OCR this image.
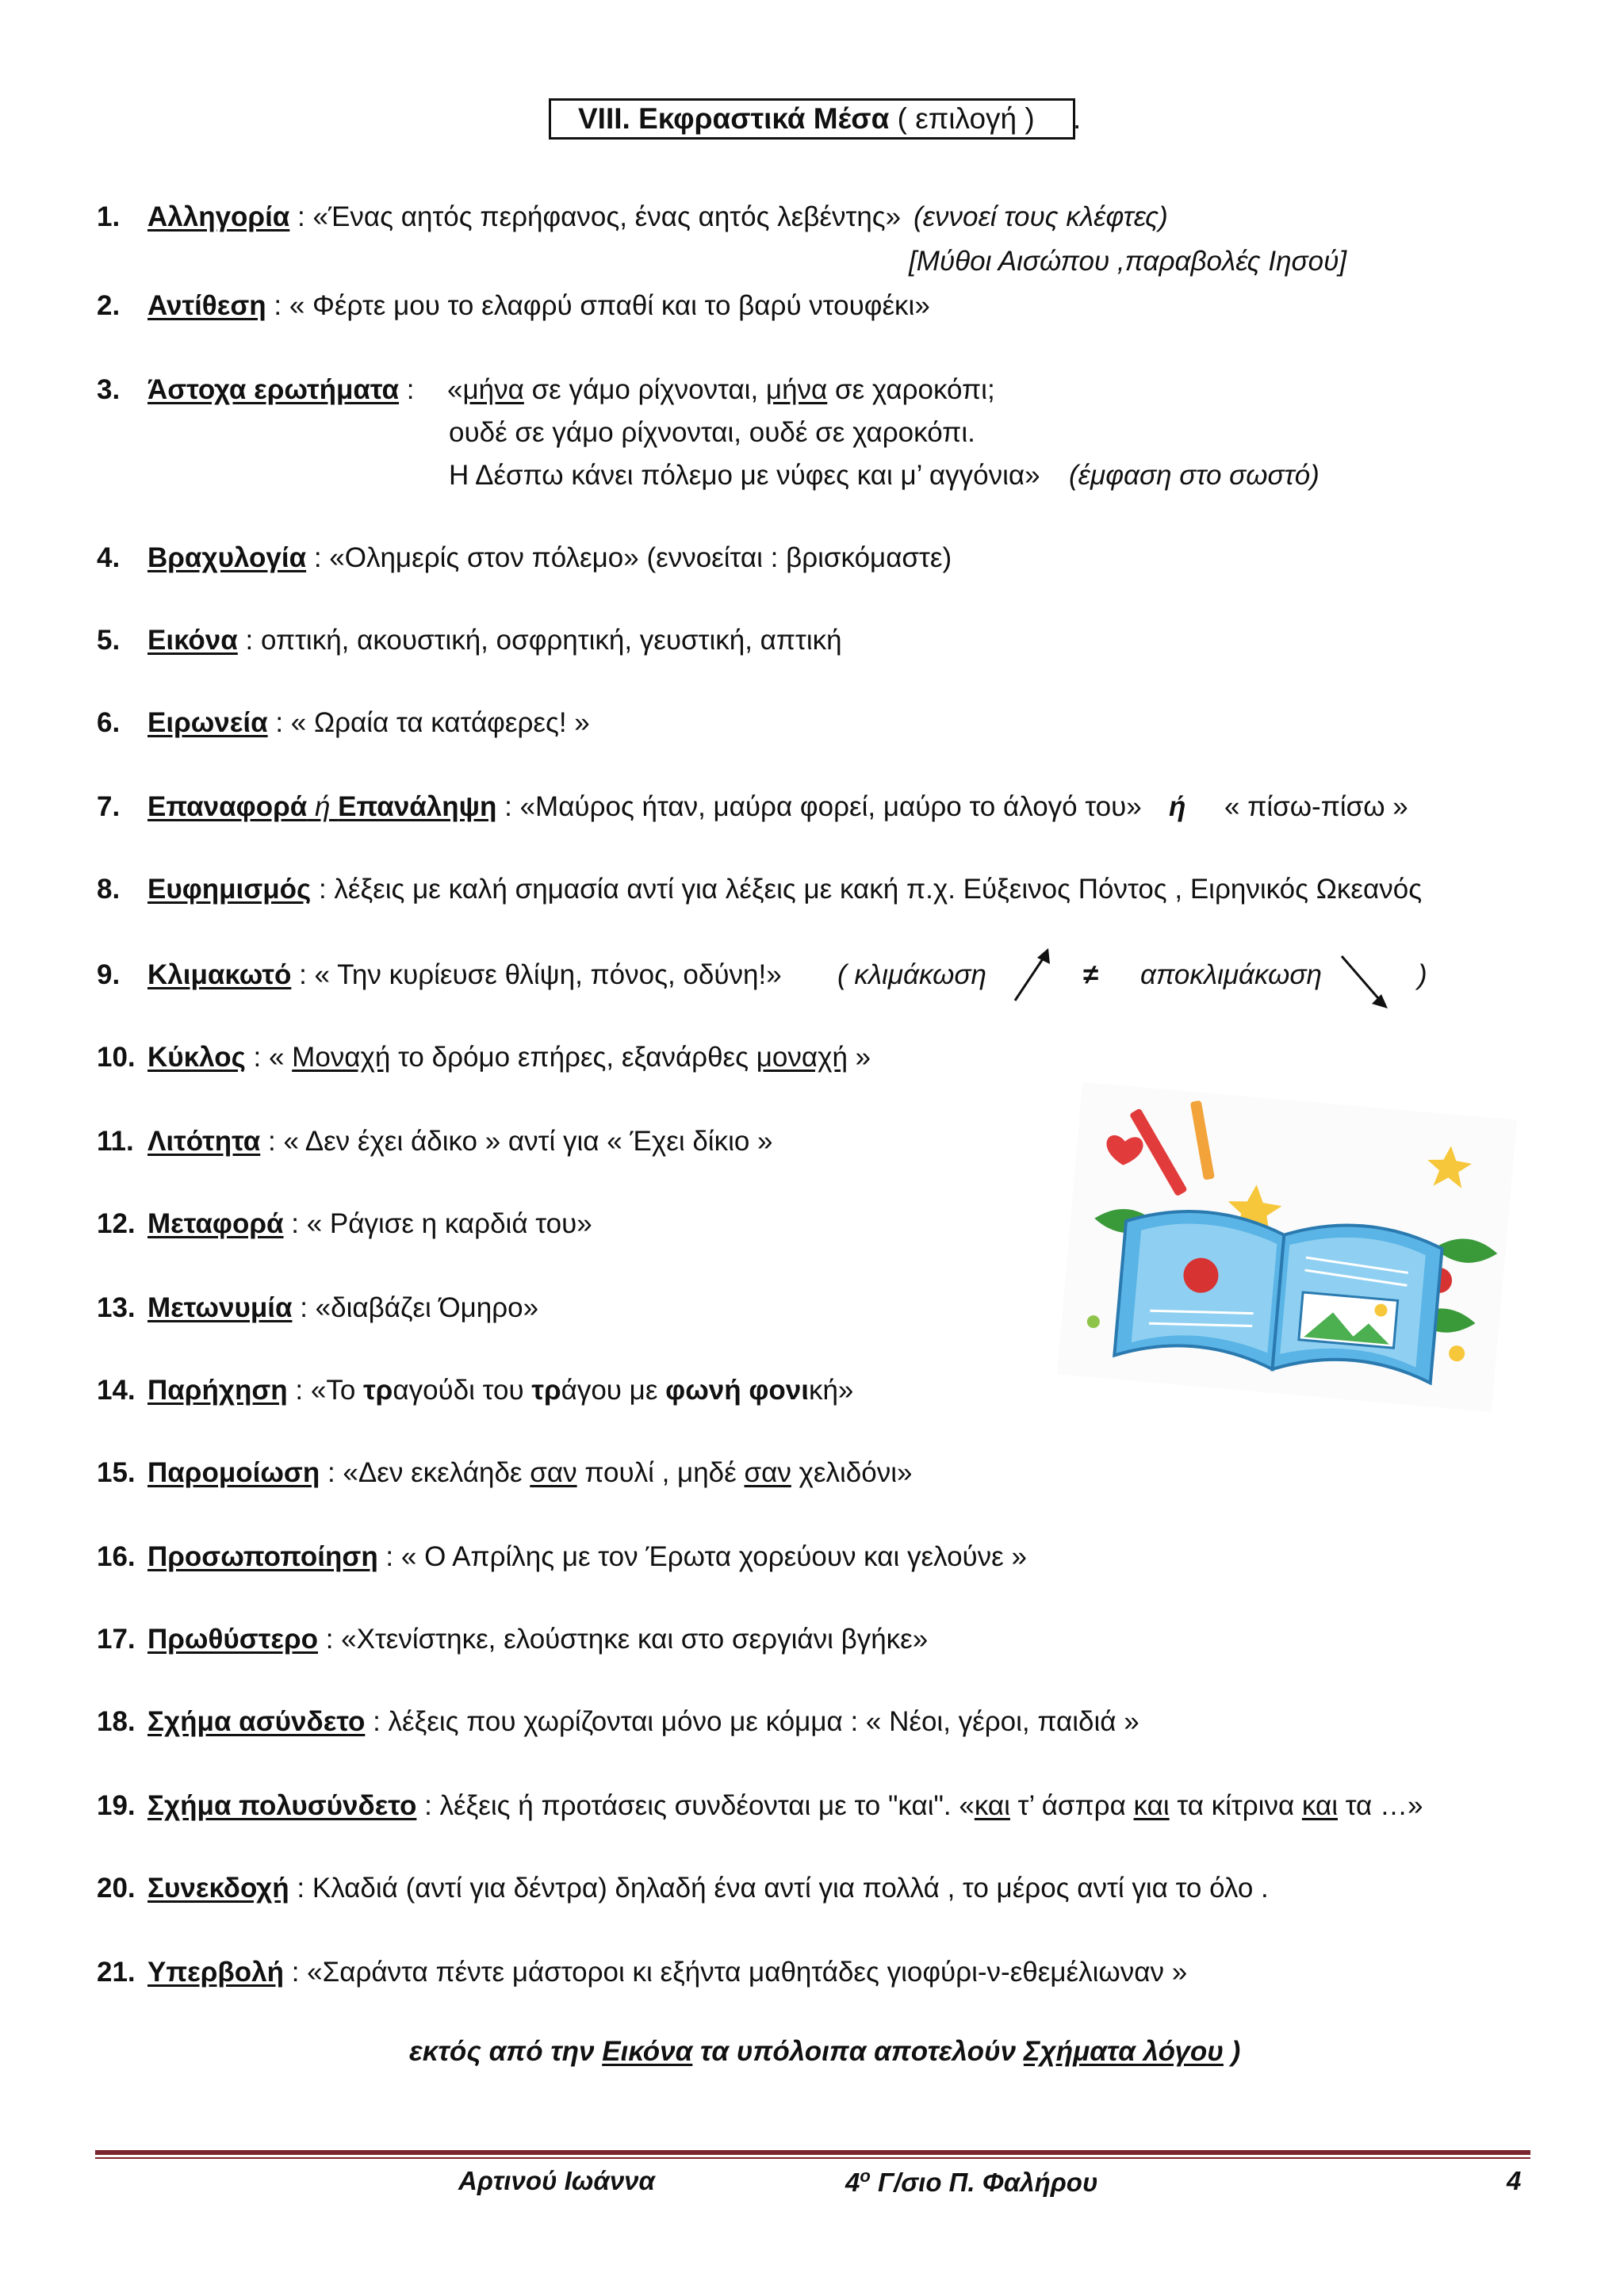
VIII. Εκφραστικά Μέσα ( επιλογή ) .
1. Αλληγορία : «Ένας αητός περήφανος, ένας αητός λεβέντης» (εννοεί τους κλέφτες)
[Μύθοι Αισώπου ,παραβολές Ιησού]
2. Αντίθεση : « Φέρτε μου το ελαφρύ σπαθί και το βαρύ ντουφέκι»
3. Άστοχα ερωτήματα : «μήνα σε γάμο ρίχνονται, μήνα σε χαροκόπι;
ουδέ σε γάμο ρίχνονται, ουδέ σε χαροκόπι.
Η Δέσπω κάνει πόλεμο με νύφες και μ’ αγγόνια» (έμφαση στο σωστό)
4. Βραχυλογία : «Ολημερίς στον πόλεμο» (εννοείται : βρισκόμαστε)
5. Εικόνα : οπτική, ακουστική, οσφρητική, γευστική, απτική
6. Ειρωνεία : « Ωραία τα κατάφερες! »
7. Επαναφορά ή Επανάληψη : «Μαύρος ήταν, μαύρα φορεί, μαύρο το άλογό του» ή « πίσω-πίσω »
8. Ευφημισμός : λέξεις με καλή σημασία αντί για λέξεις με κακή π.χ. Εύξεινος Πόντος , Ειρηνικός Ωκεανός
9. Κλιμακωτό : « Την κυρίευσε θλίψη, πόνος, οδύνη!» ( κλιμάκωση	≠ αποκλιμάκωση	)
10. Κύκλος : « Μοναχή το δρόμο επήρες, εξανάρθες μοναχή »
11. Λιτότητα : « Δεν έχει άδικο » αντί για « Έχει δίκιο »
12. Μεταφορά : « Ράγισε η καρδιά του»
13. Μετωνυμία : «διαβάζει Όμηρο»
14. Παρήχηση : «Το τραγούδι του τράγου με φωνή φονική»
15. Παρομοίωση : «Δεν εκελάηδε σαν πουλί , μηδέ σαν χελιδόνι»
16. Προσωποποίηση : « Ο Απρίλης με τον Έρωτα χορεύουν και γελούνε »
17. Πρωθύστερο : «Χτενίστηκε, ελούστηκε και στο σεργιάνι βγήκε»
18. Σχήμα ασύνδετο : λέξεις που χωρίζονται μόνο με κόμμα : « Νέοι, γέροι, παιδιά »
19. Σχήμα πολυσύνδετο : λέξεις ή προτάσεις συνδέονται με το "και". «και τ’ άσπρα και τα κίτρινα και τα …»
20. Συνεκδοχή : Κλαδιά (αντί για δέντρα) δηλαδή ένα αντί για πολλά , το μέρος αντί για το όλο .
21. Υπερβολή : «Σαράντα πέντε μάστοροι κι εξήντα μαθητάδες γιοφύρι-ν-εθεμέλιωναν »
εκτός από την Εικόνα τα υπόλοιπα αποτελούν Σχήματα λόγου )
Αρτινού Ιωάννα	$4^o$ Γ/σιο Π. Φαλήρου	4
